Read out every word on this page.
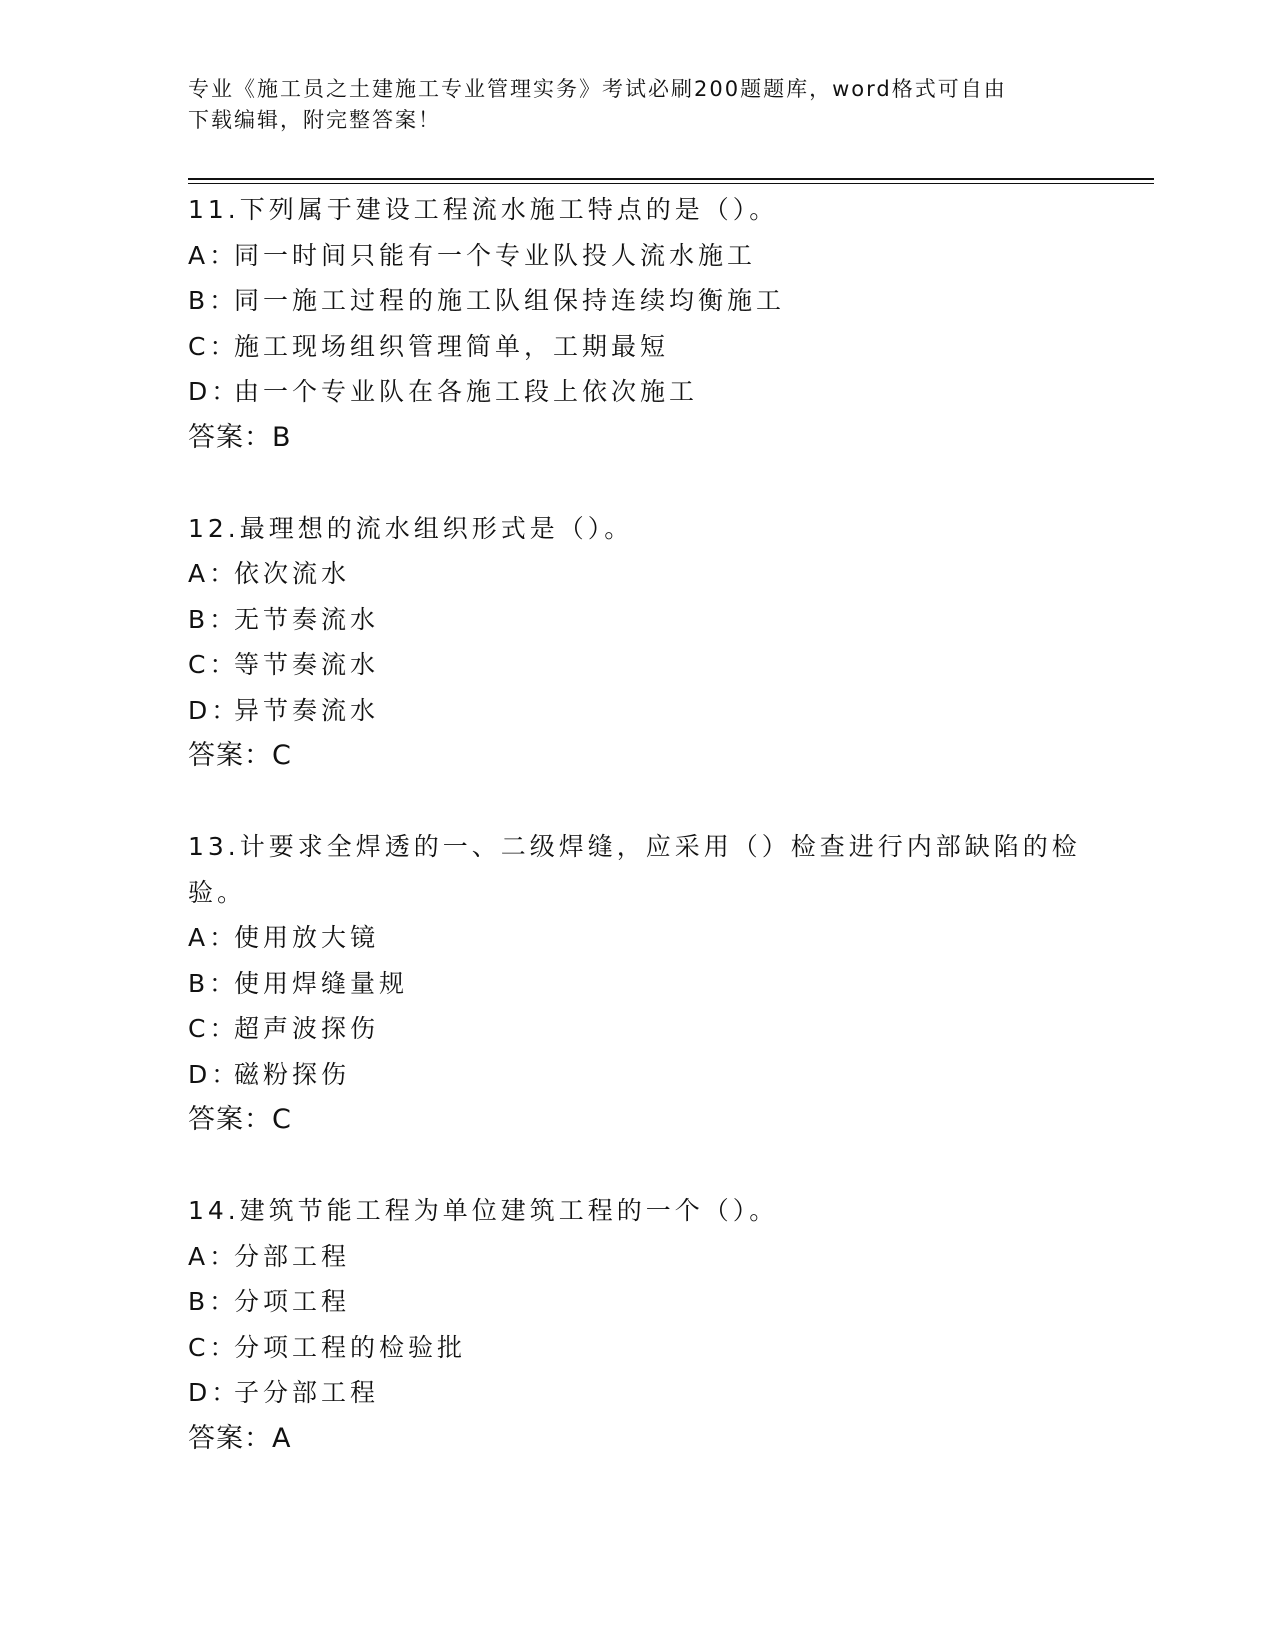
专业《施工员之土建施工专业管理实务》考试必刷200题题库，word格式可自由
下载编辑，附完整答案！
11.下列属于建设工程流水施工特点的是（）。
A：同一时间只能有一个专业队投人流水施工
B：同一施工过程的施工队组保持连续均衡施工
C：施工现场组织管理简单，工期最短
D：由一个专业队在各施工段上依次施工
答案：B
12.最理想的流水组织形式是（）。
A：依次流水
B：无节奏流水
C：等节奏流水
D：异节奏流水
答案：C
13.计要求全焊透的一、二级焊缝，应采用（）检查进行内部缺陷的检验。
A：使用放大镜
B：使用焊缝量规
C：超声波探伤
D：磁粉探伤
答案：C
14.建筑节能工程为单位建筑工程的一个（）。
A：分部工程
B：分项工程
C：分项工程的检验批
D：子分部工程
答案：A
